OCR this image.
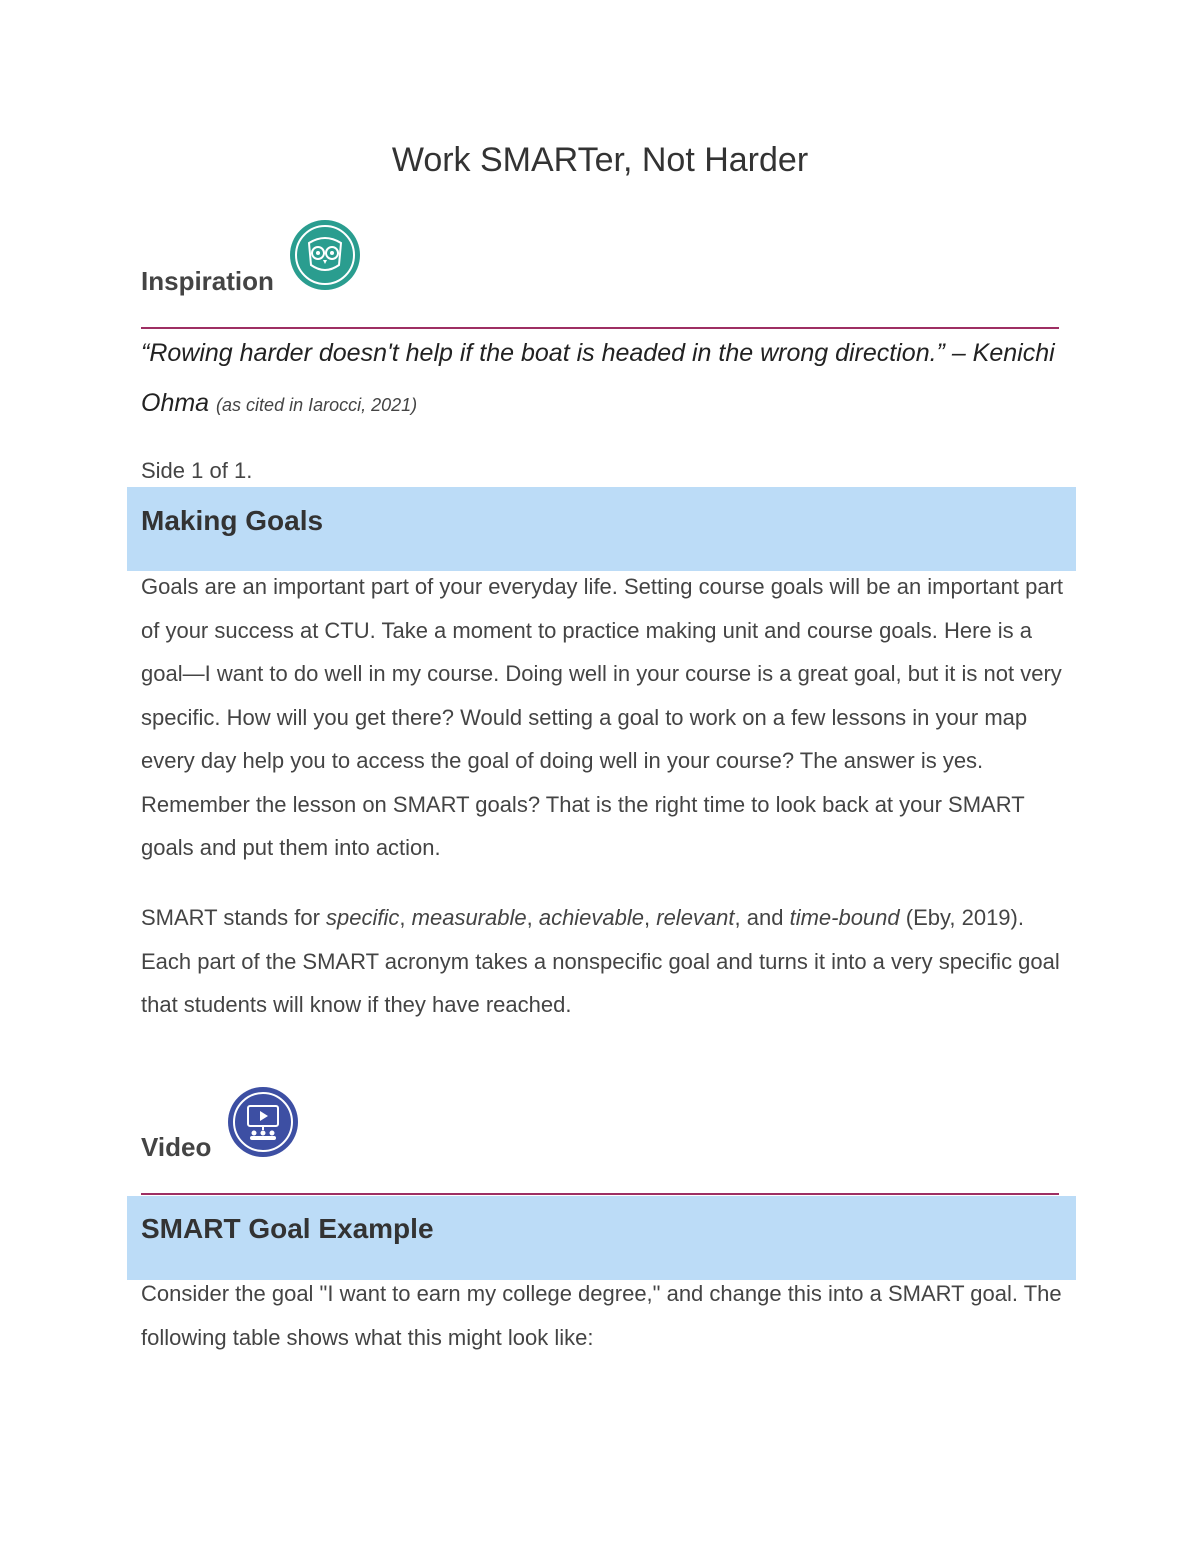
Work SMARTer, Not Harder
Inspiration
“Rowing harder doesn't help if the boat is headed in the wrong direction.” – Kenichi Ohma (as cited in Iarocci, 2021)
Side 1 of 1.
Making Goals

Goals are an important part of your everyday life. Setting course goals will be an important part of your success at CTU. Take a moment to practice making unit and course goals. Here is a goal—I want to do well in my course. Doing well in your course is a great goal, but it is not very specific. How will you get there? Would setting a goal to work on a few lessons in your map every day help you to access the goal of doing well in your course? The answer is yes. Remember the lesson on SMART goals? That is the right time to look back at your SMART goals and put them into action.

SMART stands for specific, measurable, achievable, relevant, and time-bound (Eby, 2019). Each part of the SMART acronym takes a nonspecific goal and turns it into a very specific goal that students will know if they have reached.

Video
SMART Goal Example

Consider the goal "I want to earn my college degree," and change this into a SMART goal. The following table shows what this might look like:
